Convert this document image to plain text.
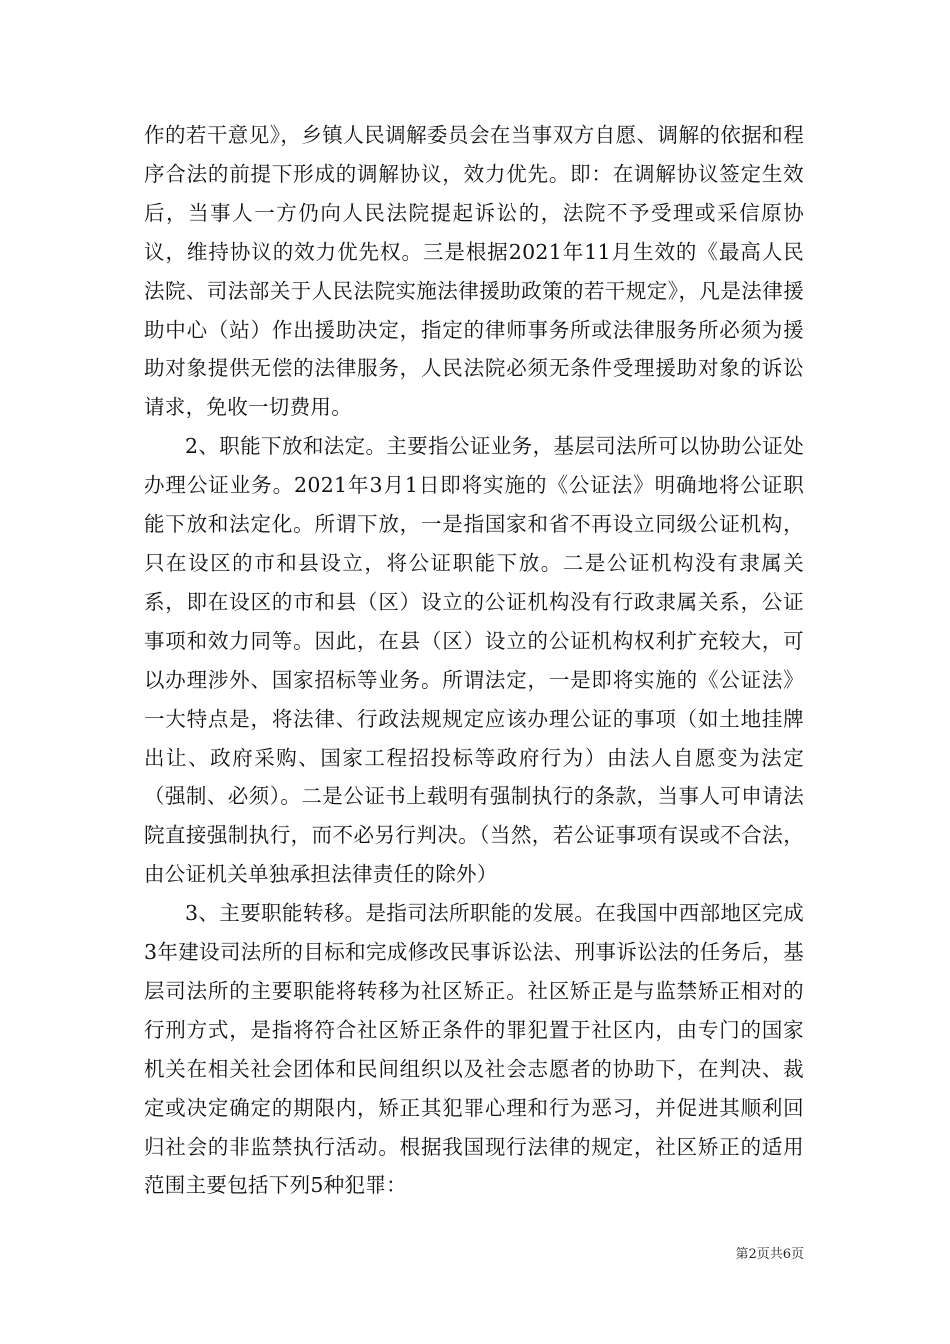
作的若干意见》，乡镇人民调解委员会在当事双方自愿、调解的依据和程序合法的前提下形成的调解协议，效力优先。即：在调解协议签定生效后，当事人一方仍向人民法院提起诉讼的，法院不予受理或采信原协议，维持协议的效力优先权。三是根据2021年11月生效的《最高人民法院、司法部关于人民法院实施法律援助政策的若干规定》，凡是法律援助中心（站）作出援助决定，指定的律师事务所或法律服务所必须为援助对象提供无偿的法律服务，人民法院必须无条件受理援助对象的诉讼请求，免收一切费用。

2、职能下放和法定。主要指公证业务，基层司法所可以协助公证处办理公证业务。2021年3月1日即将实施的《公证法》明确地将公证职能下放和法定化。所谓下放，一是指国家和省不再设立同级公证机构，只在设区的市和县设立，将公证职能下放。二是公证机构没有隶属关系，即在设区的市和县（区）设立的公证机构没有行政隶属关系，公证事项和效力同等。因此，在县（区）设立的公证机构权利扩充较大，可以办理涉外、国家招标等业务。所谓法定，一是即将实施的《公证法》一大特点是，将法律、行政法规规定应该办理公证的事项（如土地挂牌出让、政府采购、国家工程招投标等政府行为）由法人自愿变为法定（强制、必须）。二是公证书上载明有强制执行的条款，当事人可申请法院直接强制执行，而不必另行判决。（当然，若公证事项有误或不合法，由公证机关单独承担法律责任的除外）

3、主要职能转移。是指司法所职能的发展。在我国中西部地区完成3年建设司法所的目标和完成修改民事诉讼法、刑事诉讼法的任务后，基层司法所的主要职能将转移为社区矫正。社区矫正是与监禁矫正相对的行刑方式，是指将符合社区矫正条件的罪犯置于社区内，由专门的国家机关在相关社会团体和民间组织以及社会志愿者的协助下，在判决、裁定或决定确定的期限内，矫正其犯罪心理和行为恶习，并促进其顺利回归社会的非监禁执行活动。根据我国现行法律的规定，社区矫正的适用范围主要包括下列5种犯罪：

第2页共6页
